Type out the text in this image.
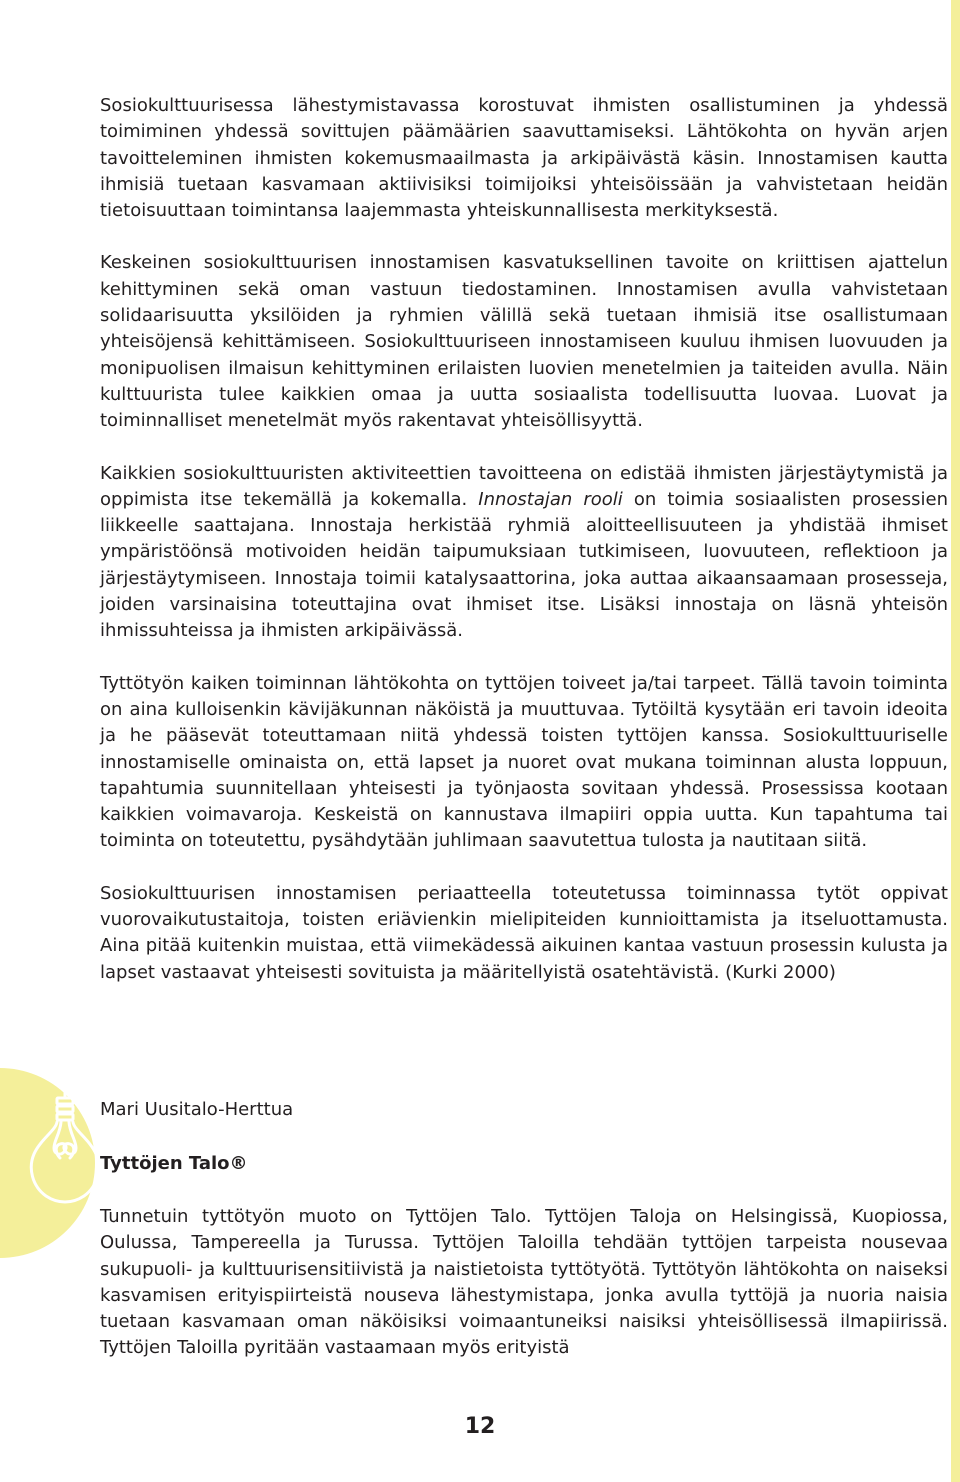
Sosiokulttuurisessa lähestymistavassa korostuvat ihmisten osallistuminen ja yhdessä toimiminen yhdessä sovittujen päämäärien saavuttamiseksi. Lähtökohta on hyvän arjen tavoitteleminen ihmisten kokemusmaailmasta ja arkipäivästä käsin. Innostamisen kautta ihmisiä tuetaan kasvamaan aktiivisiksi toimijoiksi yhteisöissään ja vahvistetaan heidän tietoisuuttaan toimintansa laajemmasta yhteiskunnallisesta merkityksestä.

Keskeinen sosiokulttuurisen innostamisen kasvatuksellinen tavoite on kriittisen ajattelun kehittyminen sekä oman vastuun tiedostaminen. Innostamisen avulla vahvistetaan solidaarisuutta yksilöiden ja ryhmien välillä sekä tuetaan ihmisiä itse osallistumaan yhteisöjensä kehittämiseen. Sosiokulttuuriseen innostamiseen kuuluu ihmisen luovuuden ja monipuolisen ilmaisun kehittyminen erilaisten luovien menetelmien ja taiteiden avulla. Näin kulttuurista tulee kaikkien omaa ja uutta sosiaalista todellisuutta luovaa. Luovat ja toiminnalliset menetelmät myös rakentavat yhteisöllisyyttä.

Kaikkien sosiokulttuuristen aktiviteettien tavoitteena on edistää ihmisten järjestäytymistä ja oppimista itse tekemällä ja kokemalla. Innostajan rooli on toimia sosiaalisten prosessien liikkeelle saattajana. Innostaja herkistää ryhmiä aloitteellisuuteen ja yhdistää ihmiset ympäristöönsä motivoiden heidän taipumuksiaan tutkimiseen, luovuuteen, reflektioon ja järjestäytymiseen. Innostaja toimii katalysaattorina, joka auttaa aikaansaamaan prosesseja, joiden varsinaisina toteuttajina ovat ihmiset itse. Lisäksi innostaja on läsnä yhteisön ihmissuhteissa ja ihmisten arkipäivässä.

Tyttötyön kaiken toiminnan lähtökohta on tyttöjen toiveet ja/tai tarpeet. Tällä tavoin toiminta on aina kulloisenkin kävijäkunnan näköistä ja muuttuvaa. Tytöiltä kysytään eri tavoin ideoita ja he pääsevät toteuttamaan niitä yhdessä toisten tyttöjen kanssa. Sosiokulttuuriselle innostamiselle ominaista on, että lapset ja nuoret ovat mukana toiminnan alusta loppuun, tapahtumia suunnitellaan yhteisesti ja työnjaosta sovitaan yhdessä. Prosessissa kootaan kaikkien voimavaroja. Keskeistä on kannustava ilmapiiri oppia uutta. Kun tapahtuma tai toiminta on toteutettu, pysähdytään juhlimaan saavutettua tulosta ja nautitaan siitä.

Sosiokulttuurisen innostamisen periaatteella toteutetussa toiminnassa tytöt oppivat vuorovaikutustaitoja, toisten eriävienkin mielipiteiden kunnioittamista ja itseluottamusta. Aina pitää kuitenkin muistaa, että viimekädessä aikuinen kantaa vastuun prosessin kulusta ja lapset vastaavat yhteisesti sovituista ja määritellyistä osatehtävistä. (Kurki 2000)

Mari Uusitalo-Herttua
Tyttöjen Talo®

Tunnetuin tyttötyön muoto on Tyttöjen Talo. Tyttöjen Taloja on Helsingissä, Kuopiossa, Oulussa, Tampereella ja Turussa. Tyttöjen Taloilla tehdään tyttöjen tarpeista nousevaa sukupuoli- ja kulttuurisensitiivistä ja naistietoista tyttötyötä. Tyttötyön lähtökohta on naiseksi kasvamisen erityispiirteistä nouseva lähestymistapa, jonka avulla tyttöjä ja nuoria naisia tuetaan kasvamaan oman näköisiksi voimaantuneiksi naisiksi yhteisöllisessä ilmapiirissä. Tyttöjen Taloilla pyritään vastaamaan myös erityistä

12
